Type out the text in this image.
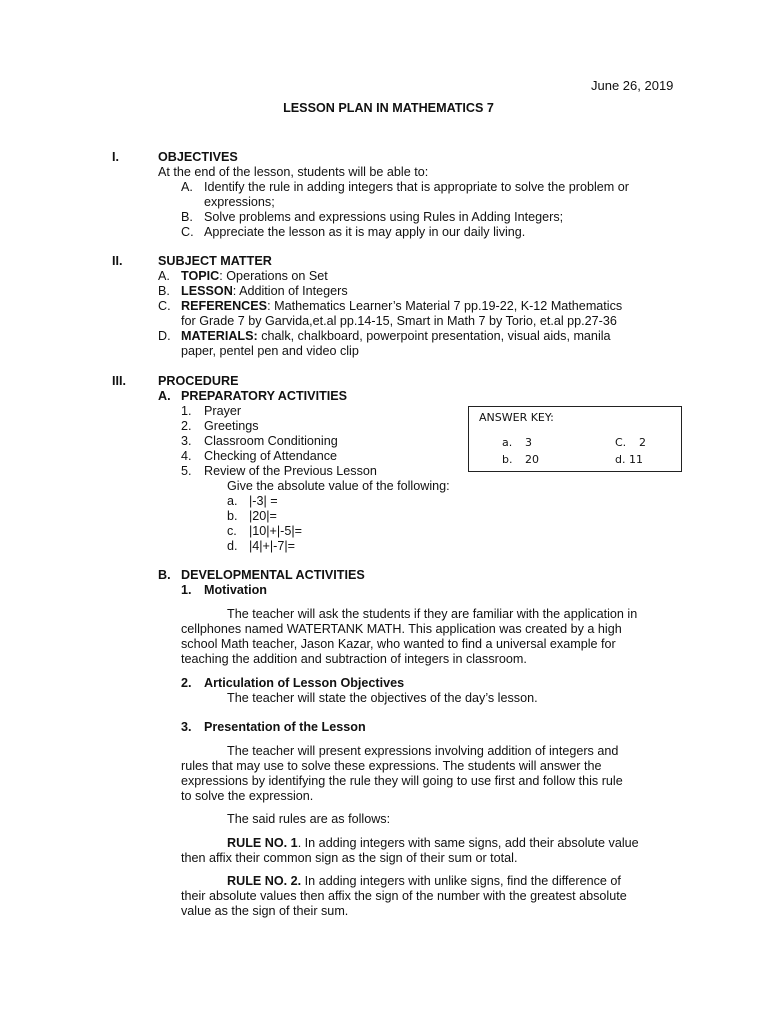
June 26, 2019
LESSON PLAN IN MATHEMATICS 7
I.	OBJECTIVES
At the end of the lesson, students will be able to:
A. Identify the rule in adding integers that is appropriate to solve the problem or
expressions;
B. Solve problems and expressions using Rules in Adding Integers;
C. Appreciate the lesson as it is may apply in our daily living.
II.	SUBJECT MATTER
A. TOPIC: Operations on Set
B. LESSON: Addition of Integers
C. REFERENCES: Mathematics Learner’s Material 7 pp.19-22, K-12 Mathematics
for Grade 7 by Garvida,et.al pp.14-15, Smart in Math 7 by Torio, et.al pp.27-36
D. MATERIALS: chalk, chalkboard, powerpoint presentation, visual aids, manila
paper, pentel pen and video clip
III.	PROCEDURE
A. PREPARATORY ACTIVITIES
1. Prayer
2. Greetings
3. Classroom Conditioning
4. Checking of Attendance
5. Review of the Previous Lesson
Give the absolute value of the following:
a. |-3| =
b. |20|=
c. |10|+|-5|=
d. |4|+|-7|=
ANSWER KEY:
a. 3
b. 20
C. 2
d. 11
B. DEVELOPMENTAL ACTIVITIES
1. Motivation
The teacher will ask the students if they are familiar with the application in
cellphones named WATERTANK MATH. This application was created by a high
school Math teacher, Jason Kazar, who wanted to find a universal example for
teaching the addition and subtraction of integers in classroom.
2. Articulation of Lesson Objectives
The teacher will state the objectives of the day’s lesson.
3. Presentation of the Lesson
The teacher will present expressions involving addition of integers and
rules that may use to solve these expressions. The students will answer the
expressions by identifying the rule they will going to use first and follow this rule
to solve the expression.
The said rules are as follows:
RULE NO. 1. In adding integers with same signs, add their absolute value
then affix their common sign as the sign of their sum or total.
RULE NO. 2. In adding integers with unlike signs, find the difference of
their absolute values then affix the sign of the number with the greatest absolute
value as the sign of their sum.
